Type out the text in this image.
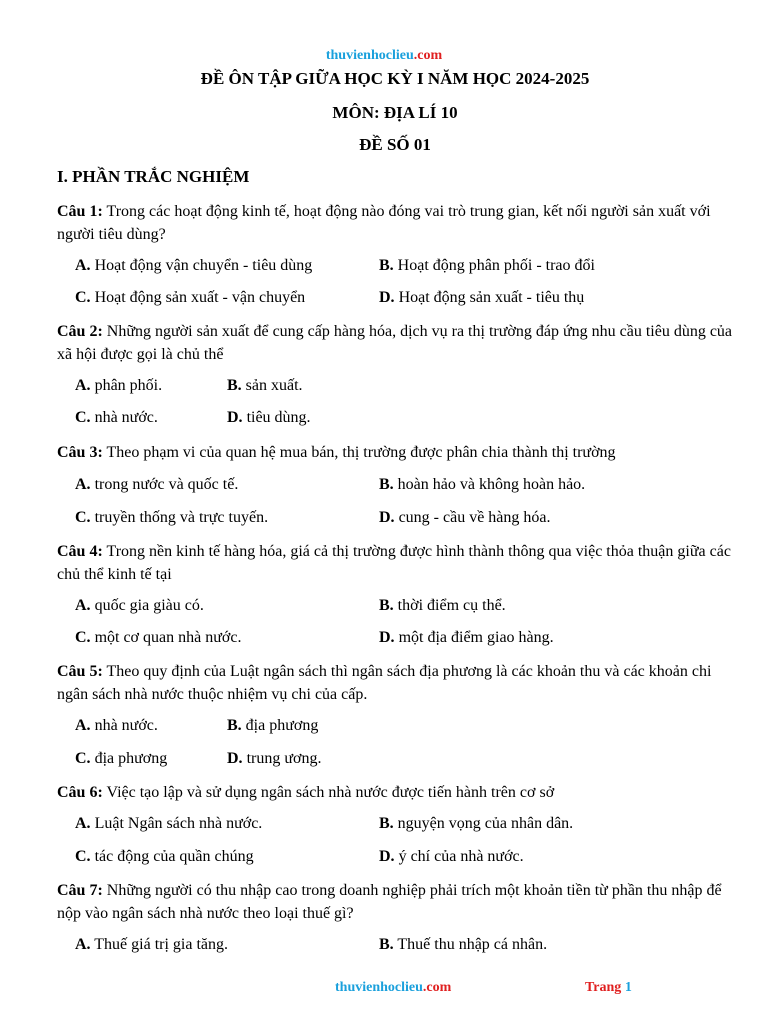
thuvienhoclieu.com
ĐỀ ÔN TẬP GIỮA HỌC KỲ I NĂM HỌC 2024-2025
MÔN: ĐỊA LÍ 10
ĐỀ SỐ 01
I. PHẦN TRẮC NGHIỆM
Câu 1: Trong các hoạt động kinh tế, hoạt động nào đóng vai trò trung gian, kết nối người sản xuất với người tiêu dùng?
A. Hoạt động vận chuyển - tiêu dùng	B. Hoạt động phân phối - trao đổi
C. Hoạt động sản xuất - vận chuyển	D. Hoạt động sản xuất - tiêu thụ
Câu 2: Những người sản xuất để cung cấp hàng hóa, dịch vụ ra thị trường đáp ứng nhu cầu tiêu dùng của xã hội được gọi là chủ thể
A. phân phối.	B. sản xuất.
C. nhà nước.	D. tiêu dùng.
Câu 3: Theo phạm vi của quan hệ mua bán, thị trường được phân chia thành thị trường
A. trong nước và quốc tế.	B. hoàn hảo và không hoàn hảo.
C. truyền thống và trực tuyến.	D. cung - cầu về hàng hóa.
Câu 4: Trong nền kinh tế hàng hóa, giá cả thị trường được hình thành thông qua việc thỏa thuận giữa các chủ thể kinh tế tại
A. quốc gia giàu có.	B. thời điểm cụ thể.
C. một cơ quan nhà nước.	D. một địa điểm giao hàng.
Câu 5: Theo quy định của Luật ngân sách thì ngân sách địa phương là các khoản thu và các khoản chi ngân sách nhà nước thuộc nhiệm vụ chi của cấp.
A. nhà nước.	B. địa phương
C. địa phương	D. trung ương.
Câu 6: Việc tạo lập và sử dụng ngân sách nhà nước được tiến hành trên cơ sở
A. Luật Ngân sách nhà nước.	B. nguyện vọng của nhân dân.
C. tác động của quần chúng	D. ý chí của nhà nước.
Câu 7: Những người có thu nhập cao trong doanh nghiệp phải trích một khoản tiền từ phần thu nhập để nộp vào ngân sách nhà nước theo loại thuế gì?
A. Thuế giá trị gia tăng.	B. Thuế thu nhập cá nhân.
thuvienhoclieu.com	Trang 1
